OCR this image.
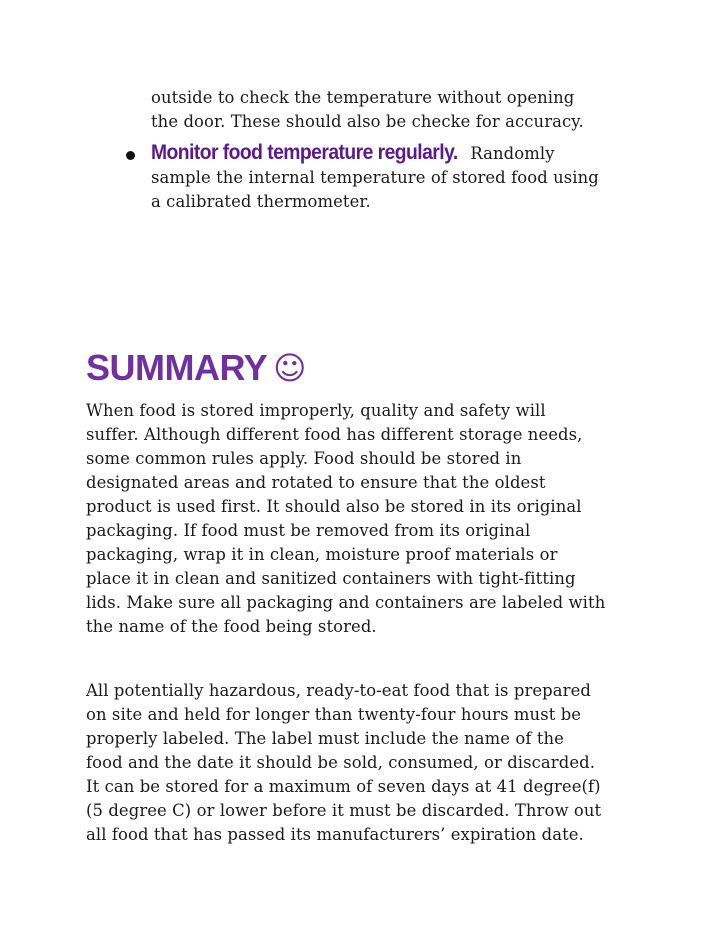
outside to check the temperature without opening
the door. These should also be checke for accuracy.
Monitor food temperature regularly. Randomly
sample the internal temperature of stored food using
a calibrated thermometer.
SUMMARY ☺
When food is stored improperly, quality and safety will
suffer. Although different food has different storage needs,
some common rules apply. Food should be stored in
designated areas and rotated to ensure that the oldest
product is used first. It should also be stored in its original
packaging. If food must be removed from its original
packaging, wrap it in clean, moisture proof materials or
place it in clean and sanitized containers with tight-fitting
lids. Make sure all packaging and containers are labeled with
the name of the food being stored.
All potentially hazardous, ready-to-eat food that is prepared
on site and held for longer than twenty-four hours must be
properly labeled. The label must include the name of the
food and the date it should be sold, consumed, or discarded.
It can be stored for a maximum of seven days at 41 degree(f)
(5 degree C) or lower before it must be discarded. Throw out
all food that has passed its manufacturers’ expiration date.
